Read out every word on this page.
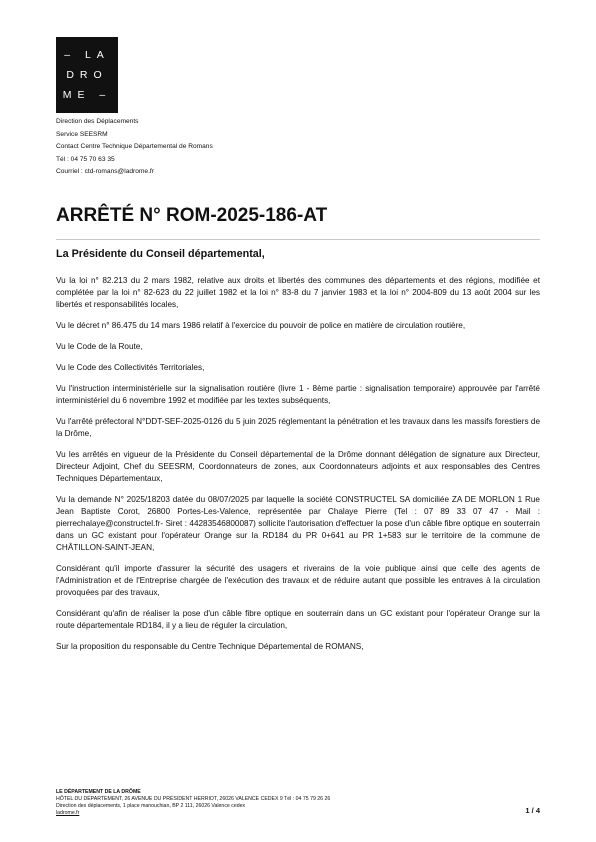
– LA
DRO
ME –
Direction des Déplacements
Service SEESRM
Contact Centre Technique Départemental de Romans
Tél : 04 75 70 63 35
Courriel : ctd-romans@ladrome.fr
ARRÊTÉ N° ROM-2025-186-AT
La Présidente du Conseil départemental,

Vu la loi n° 82.213 du 2 mars 1982, relative aux droits et libertés des communes des départements et des régions, modifiée et complétée par la loi n° 82-623 du 22 juillet 1982 et la loi n° 83-8 du 7 janvier 1983 et la loi n° 2004-809 du 13 août 2004 sur les libertés et responsabilités locales,

Vu le décret n° 86.475 du 14 mars 1986 relatif à l'exercice du pouvoir de police en matière de circulation routière,

Vu le Code de la Route,

Vu le Code des Collectivités Territoriales,

Vu l'instruction interministérielle sur la signalisation routière (livre 1 - 8ème partie : signalisation temporaire) approuvée par l'arrêté interministériel du 6 novembre 1992 et modifiée par les textes subséquents,

Vu l'arrêté préfectoral N°DDT-SEF-2025-0126 du 5 juin 2025 réglementant la pénétration et les travaux dans les massifs forestiers de la Drôme,

Vu les arrêtés en vigueur de la Présidente du Conseil départemental de la Drôme donnant délégation de signature aux Directeur, Directeur Adjoint, Chef du SEESRM, Coordonnateurs de zones, aux Coordonnateurs adjoints et aux responsables des Centres Techniques Départementaux,

Vu la demande N° 2025/18203 datée du 08/07/2025 par laquelle la société CONSTRUCTEL SA domiciliée ZA DE MORLON 1 Rue Jean Baptiste Corot, 26800 Portes-Les-Valence, représentée par Chalaye Pierre (Tel : 07 89 33 07 47 - Mail : pierrechalaye@constructel.fr- Siret : 44283546800087) sollicite l'autorisation d'effectuer la pose d'un câble fibre optique en souterrain dans un GC existant pour l'opérateur Orange sur la RD184 du PR 0+641 au PR 1+583 sur le territoire de la commune de CHÂTILLON-SAINT-JEAN,

Considérant qu'il importe d'assurer la sécurité des usagers et riverains de la voie publique ainsi que celle des agents de l'Administration et de l'Entreprise chargée de l'exécution des travaux et de réduire autant que possible les entraves à la circulation provoquées par des travaux,

Considérant qu'afin de réaliser la pose d'un câble fibre optique en souterrain dans un GC existant pour l'opérateur Orange sur la route départementale RD184, il y a lieu de réguler la circulation,

Sur la proposition du responsable du Centre Technique Départemental de ROMANS,

LE DÉPARTEMENT DE LA DRÔME
HÔTEL DU DÉPARTEMENT, 26 AVENUE DU PRÉSIDENT HERRIOT, 26026 VALENCE CEDEX 9 Tél : 04 75 79 26 26
Direction des déplacements, 1 place manouchian, BP 2 111, 26026 Valence cedex
ladrome.fr	1 / 4
